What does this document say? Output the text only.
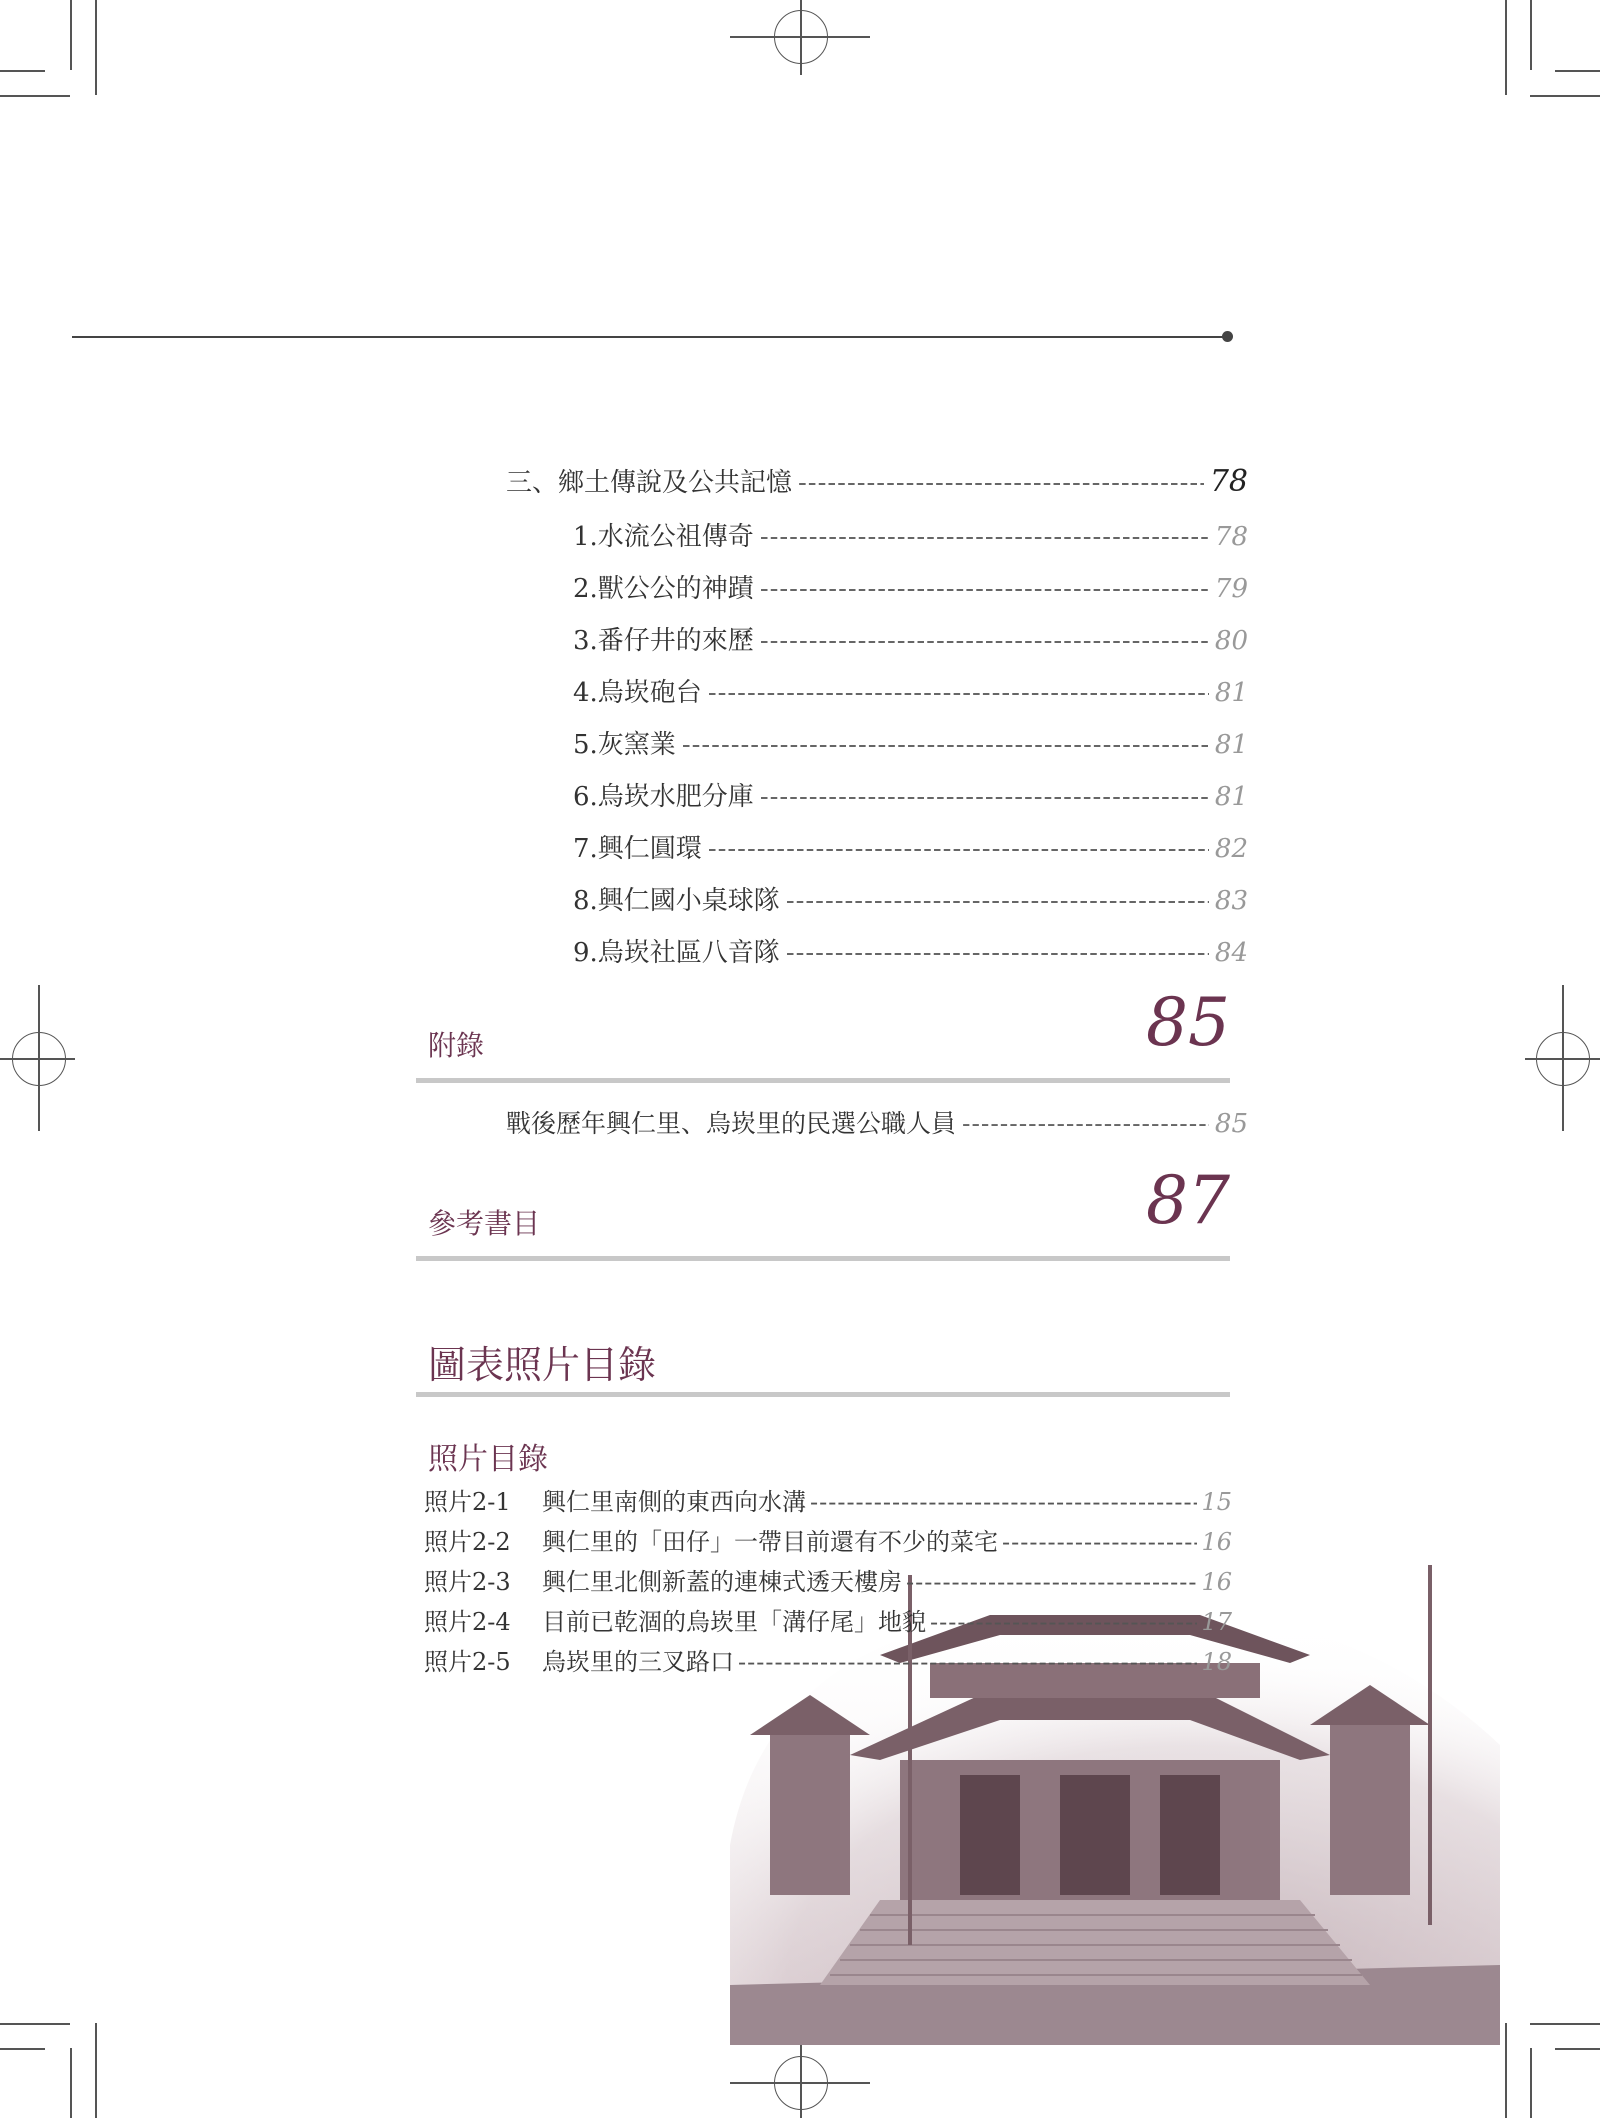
三、鄉土傳說及公共記憶 -----	78
1.水流公祖傳奇 -----	78
2.獸公公的神蹟 -----	79
3.番仔井的來歷 -----	80
4.烏崁砲台 -----	81
5.灰窯業 -----	81
6.烏崁水肥分庫 -----	81
7.興仁圓環 -----	82
8.興仁國小桌球隊 -----	83
9.烏崁社區八音隊 -----	84
附錄	85
戰後歷年興仁里、烏崁里的民選公職人員 -----	85
參考書目	87
圖表照片目錄
照片目錄
照片2-1	興仁里南側的東西向水溝 -----	15
照片2-2	興仁里的「田仔」一帶目前還有不少的菜宅 -----	16
照片2-3	興仁里北側新蓋的連棟式透天樓房 -----	16
照片2-4	目前已乾涸的烏崁里「溝仔尾」地貌 -----	17
照片2-5	烏崁里的三叉路口 -----	18
